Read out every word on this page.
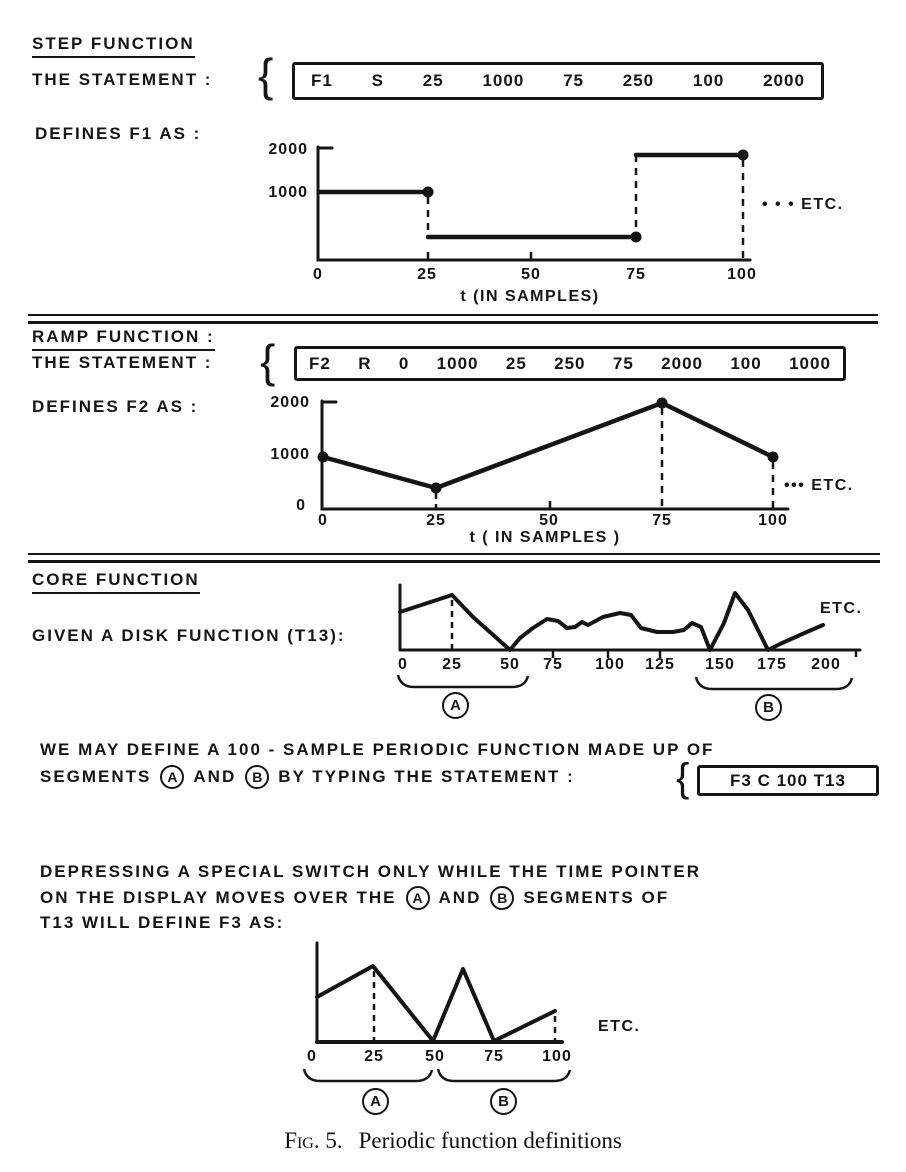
STEP FUNCTION
THE STATEMENT : { F1 S 25 1000 75 250 100 2000
DEFINES F1 AS :
2000
1000
0	25	50	75	100
• • • ETC.
t (IN SAMPLES)
RAMP FUNCTION :
THE STATEMENT : { F2 R 0 1000 25 250 75 2000 100 1000
DEFINES F2 AS :	2000
1000
0
0	25	50	75	100
••• ETC.
t ( IN SAMPLES )
CORE FUNCTION
GIVEN A DISK FUNCTION (T13):
ETC.
0	25	50	75	100	125	150	175	200
A	B
WE MAY DEFINE A 100 - SAMPLE PERIODIC FUNCTION MADE UP OF
SEGMENTS	A AND	B BY TYPING THE STATEMENT :	{ F3 C 100 T13
DEPRESSING A SPECIAL SWITCH ONLY WHILE THE TIME POINTER
ON THE DISPLAY MOVES OVER THE	A AND	B SEGMENTS OF
T13 WILL DEFINE F3 AS:
ETC.
0	25	50	75	100
A	B
Fig. 5. Periodic function definitions
